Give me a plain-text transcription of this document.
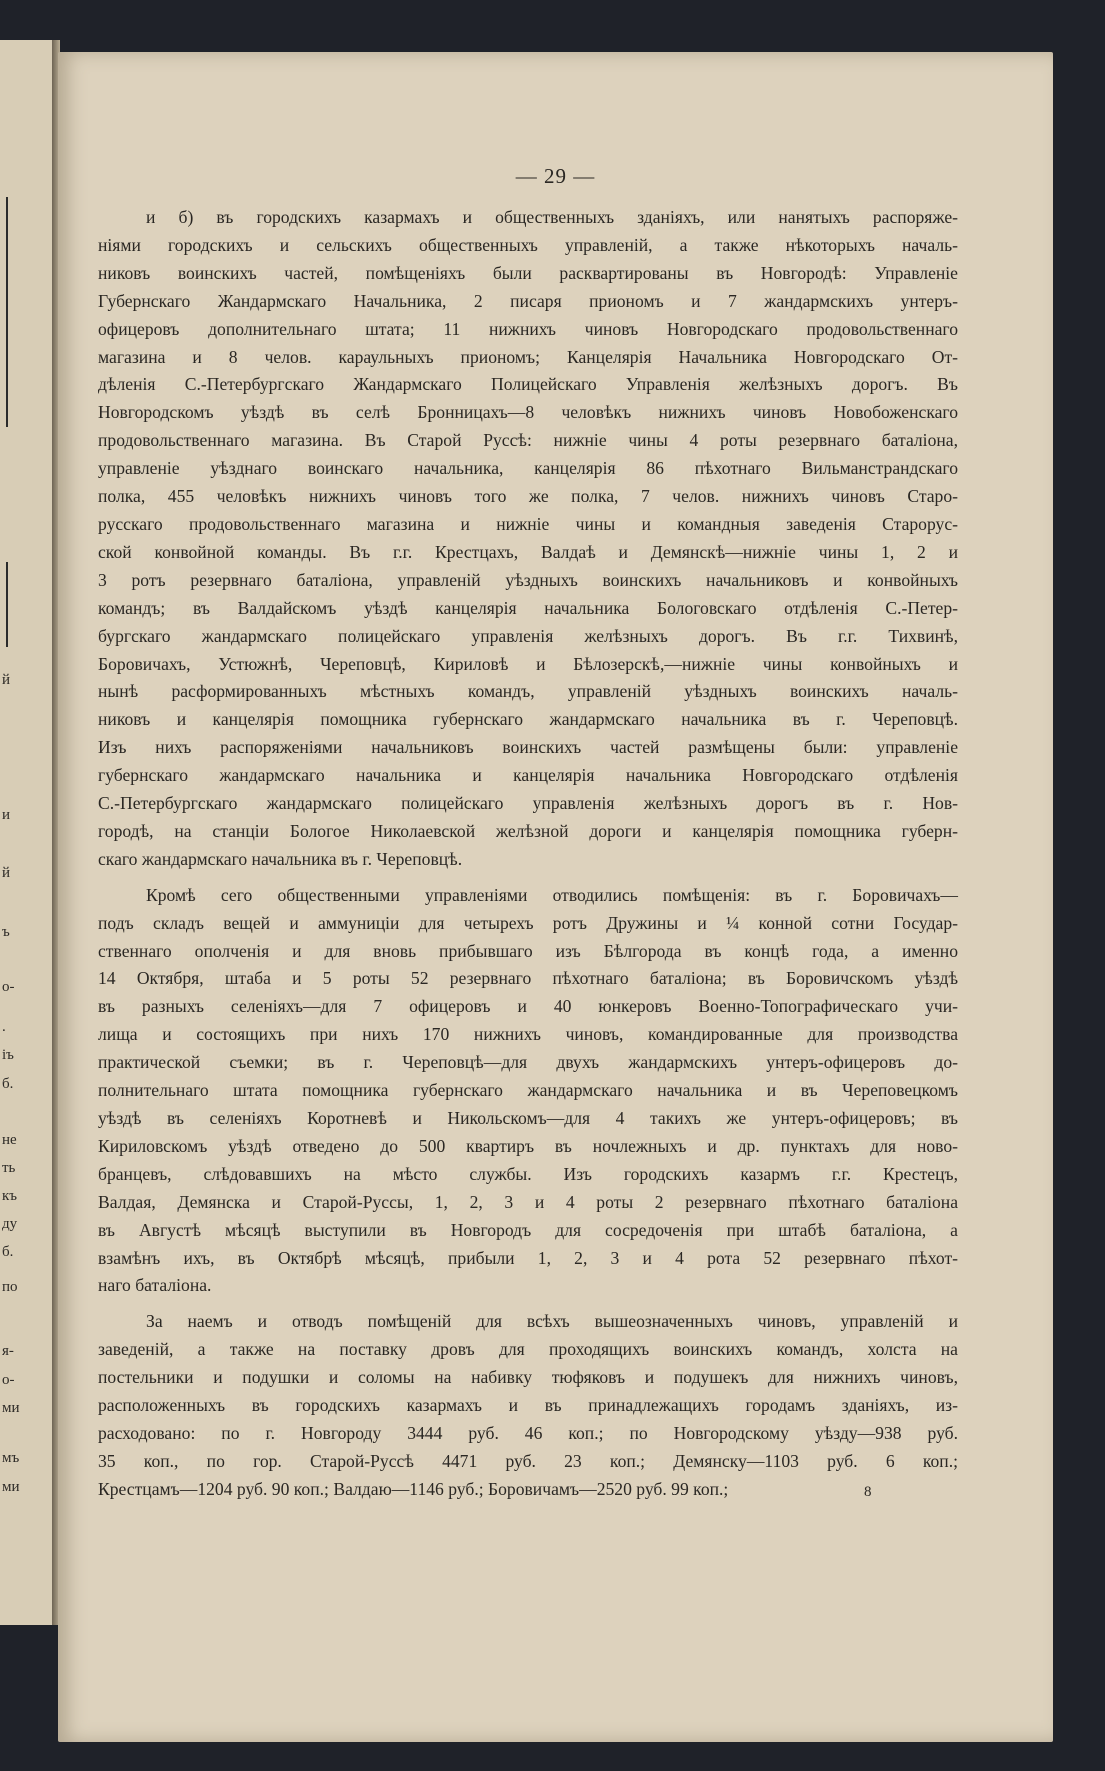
й
и
й
ъ
о-
.
іъ
б.
не
ть
къ
ду
б.
по
я-
о-
ми
мъ
ми
— 29 —
и б) въ городскихъ казармахъ и общественныхъ зданіяхъ, или нанятыхъ распоряже-
ніями городскихъ и сельскихъ общественныхъ управленій, а также нѣкоторыхъ началь-
никовъ воинскихъ частей, помѣщеніяхъ были расквартированы въ Новгородѣ: Управленіе
Губернскаго Жандармскаго Начальника, 2 писаря приономъ и 7 жандармскихъ унтеръ-
офицеровъ дополнительнаго штата; 11 нижнихъ чиновъ Новгородскаго продовольственнаго
магазина и 8 челов. караульныхъ приономъ; Канцелярія Начальника Новгородскаго От-
дѣленія С.-Петербургскаго Жандармскаго Полицейскаго Управленія желѣзныхъ дорогъ. Въ
Новгородскомъ уѣздѣ въ селѣ Бронницахъ—8 человѣкъ нижнихъ чиновъ Новобоженскаго
продовольственнаго магазина. Въ Старой Руссѣ: нижніе чины 4 роты резервнаго баталіона,
управленіе уѣзднаго воинскаго начальника, канцелярія 86 пѣхотнаго Вильманстрандскаго
полка, 455 человѣкъ нижнихъ чиновъ того же полка, 7 челов. нижнихъ чиновъ Старо-
русскаго продовольственнаго магазина и нижніе чины и командныя заведенія Старорус-
ской конвойной команды. Въ г.г. Крестцахъ, Валдаѣ и Демянскѣ—нижніе чины 1, 2 и
3 ротъ резервнаго баталіона, управленій уѣздныхъ воинскихъ начальниковъ и конвойныхъ
командъ; въ Валдайскомъ уѣздѣ канцелярія начальника Бологовскаго отдѣленія С.-Петер-
бургскаго жандармскаго полицейскаго управленія желѣзныхъ дорогъ. Въ г.г. Тихвинѣ,
Боровичахъ, Устюжнѣ, Череповцѣ, Кириловѣ и Бѣлозерскѣ,—нижніе чины конвойныхъ и
нынѣ расформированныхъ мѣстныхъ командъ, управленій уѣздныхъ воинскихъ началь-
никовъ и канцелярія помощника губернскаго жандармскаго начальника въ г. Череповцѣ.
Изъ нихъ распоряженіями начальниковъ воинскихъ частей размѣщены были: управленіе
губернскаго жандармскаго начальника и канцелярія начальника Новгородскаго отдѣленія
С.-Петербургскаго жандармскаго полицейскаго управленія желѣзныхъ дорогъ въ г. Нов-
городѣ, на станціи Бологое Николаевской желѣзной дороги и канцелярія помощника губерн-
скаго жандармскаго начальника въ г. Череповцѣ.
Кромѣ сего общественными управленіями отводились помѣщенія: въ г. Боровичахъ—
подъ складъ вещей и аммуниціи для четырехъ ротъ Дружины и ¼ конной сотни Государ-
ственнаго ополченія и для вновь прибывшаго изъ Бѣлгорода въ концѣ года, а именно
14 Октября, штаба и 5 роты 52 резервнаго пѣхотнаго баталіона; въ Боровичскомъ уѣздѣ
въ разныхъ селеніяхъ—для 7 офицеровъ и 40 юнкеровъ Военно-Топографическаго учи-
лища и состоящихъ при нихъ 170 нижнихъ чиновъ, командированные для производства
практической съемки; въ г. Череповцѣ—для двухъ жандармскихъ унтеръ-офицеровъ до-
полнительнаго штата помощника губернскаго жандармскаго начальника и въ Череповецкомъ
уѣздѣ въ селеніяхъ Коротневѣ и Никольскомъ—для 4 такихъ же унтеръ-офицеровъ; въ
Кириловскомъ уѣздѣ отведено до 500 квартиръ въ ночлежныхъ и др. пунктахъ для ново-
бранцевъ, слѣдовавшихъ на мѣсто службы. Изъ городскихъ казармъ г.г. Крестецъ,
Валдая, Демянска и Старой-Руссы, 1, 2, 3 и 4 роты 2 резервнаго пѣхотнаго баталіона
въ Августѣ мѣсяцѣ выступили въ Новгородъ для сосредоченія при штабѣ баталіона, а
взамѣнъ ихъ, въ Октябрѣ мѣсяцѣ, прибыли 1, 2, 3 и 4 рота 52 резервнаго пѣхот-
наго баталіона.
За наемъ и отводъ помѣщеній для всѣхъ вышеозначенныхъ чиновъ, управленій и
заведеній, а также на поставку дровъ для проходящихъ воинскихъ командъ, холста на
постельники и подушки и соломы на набивку тюфяковъ и подушекъ для нижнихъ чиновъ,
расположенныхъ въ городскихъ казармахъ и въ принадлежащихъ городамъ зданіяхъ, из-
расходовано: по г. Новгороду 3444 руб. 46 коп.; по Новгородскому уѣзду—938 руб.
35 коп., по гор. Старой-Руссѣ 4471 руб. 23 коп.; Демянску—1103 руб. 6 коп.;
Крестцамъ—1204 руб. 90 коп.; Валдаю—1146 руб.; Боровичамъ—2520 руб. 99 коп.;	8
